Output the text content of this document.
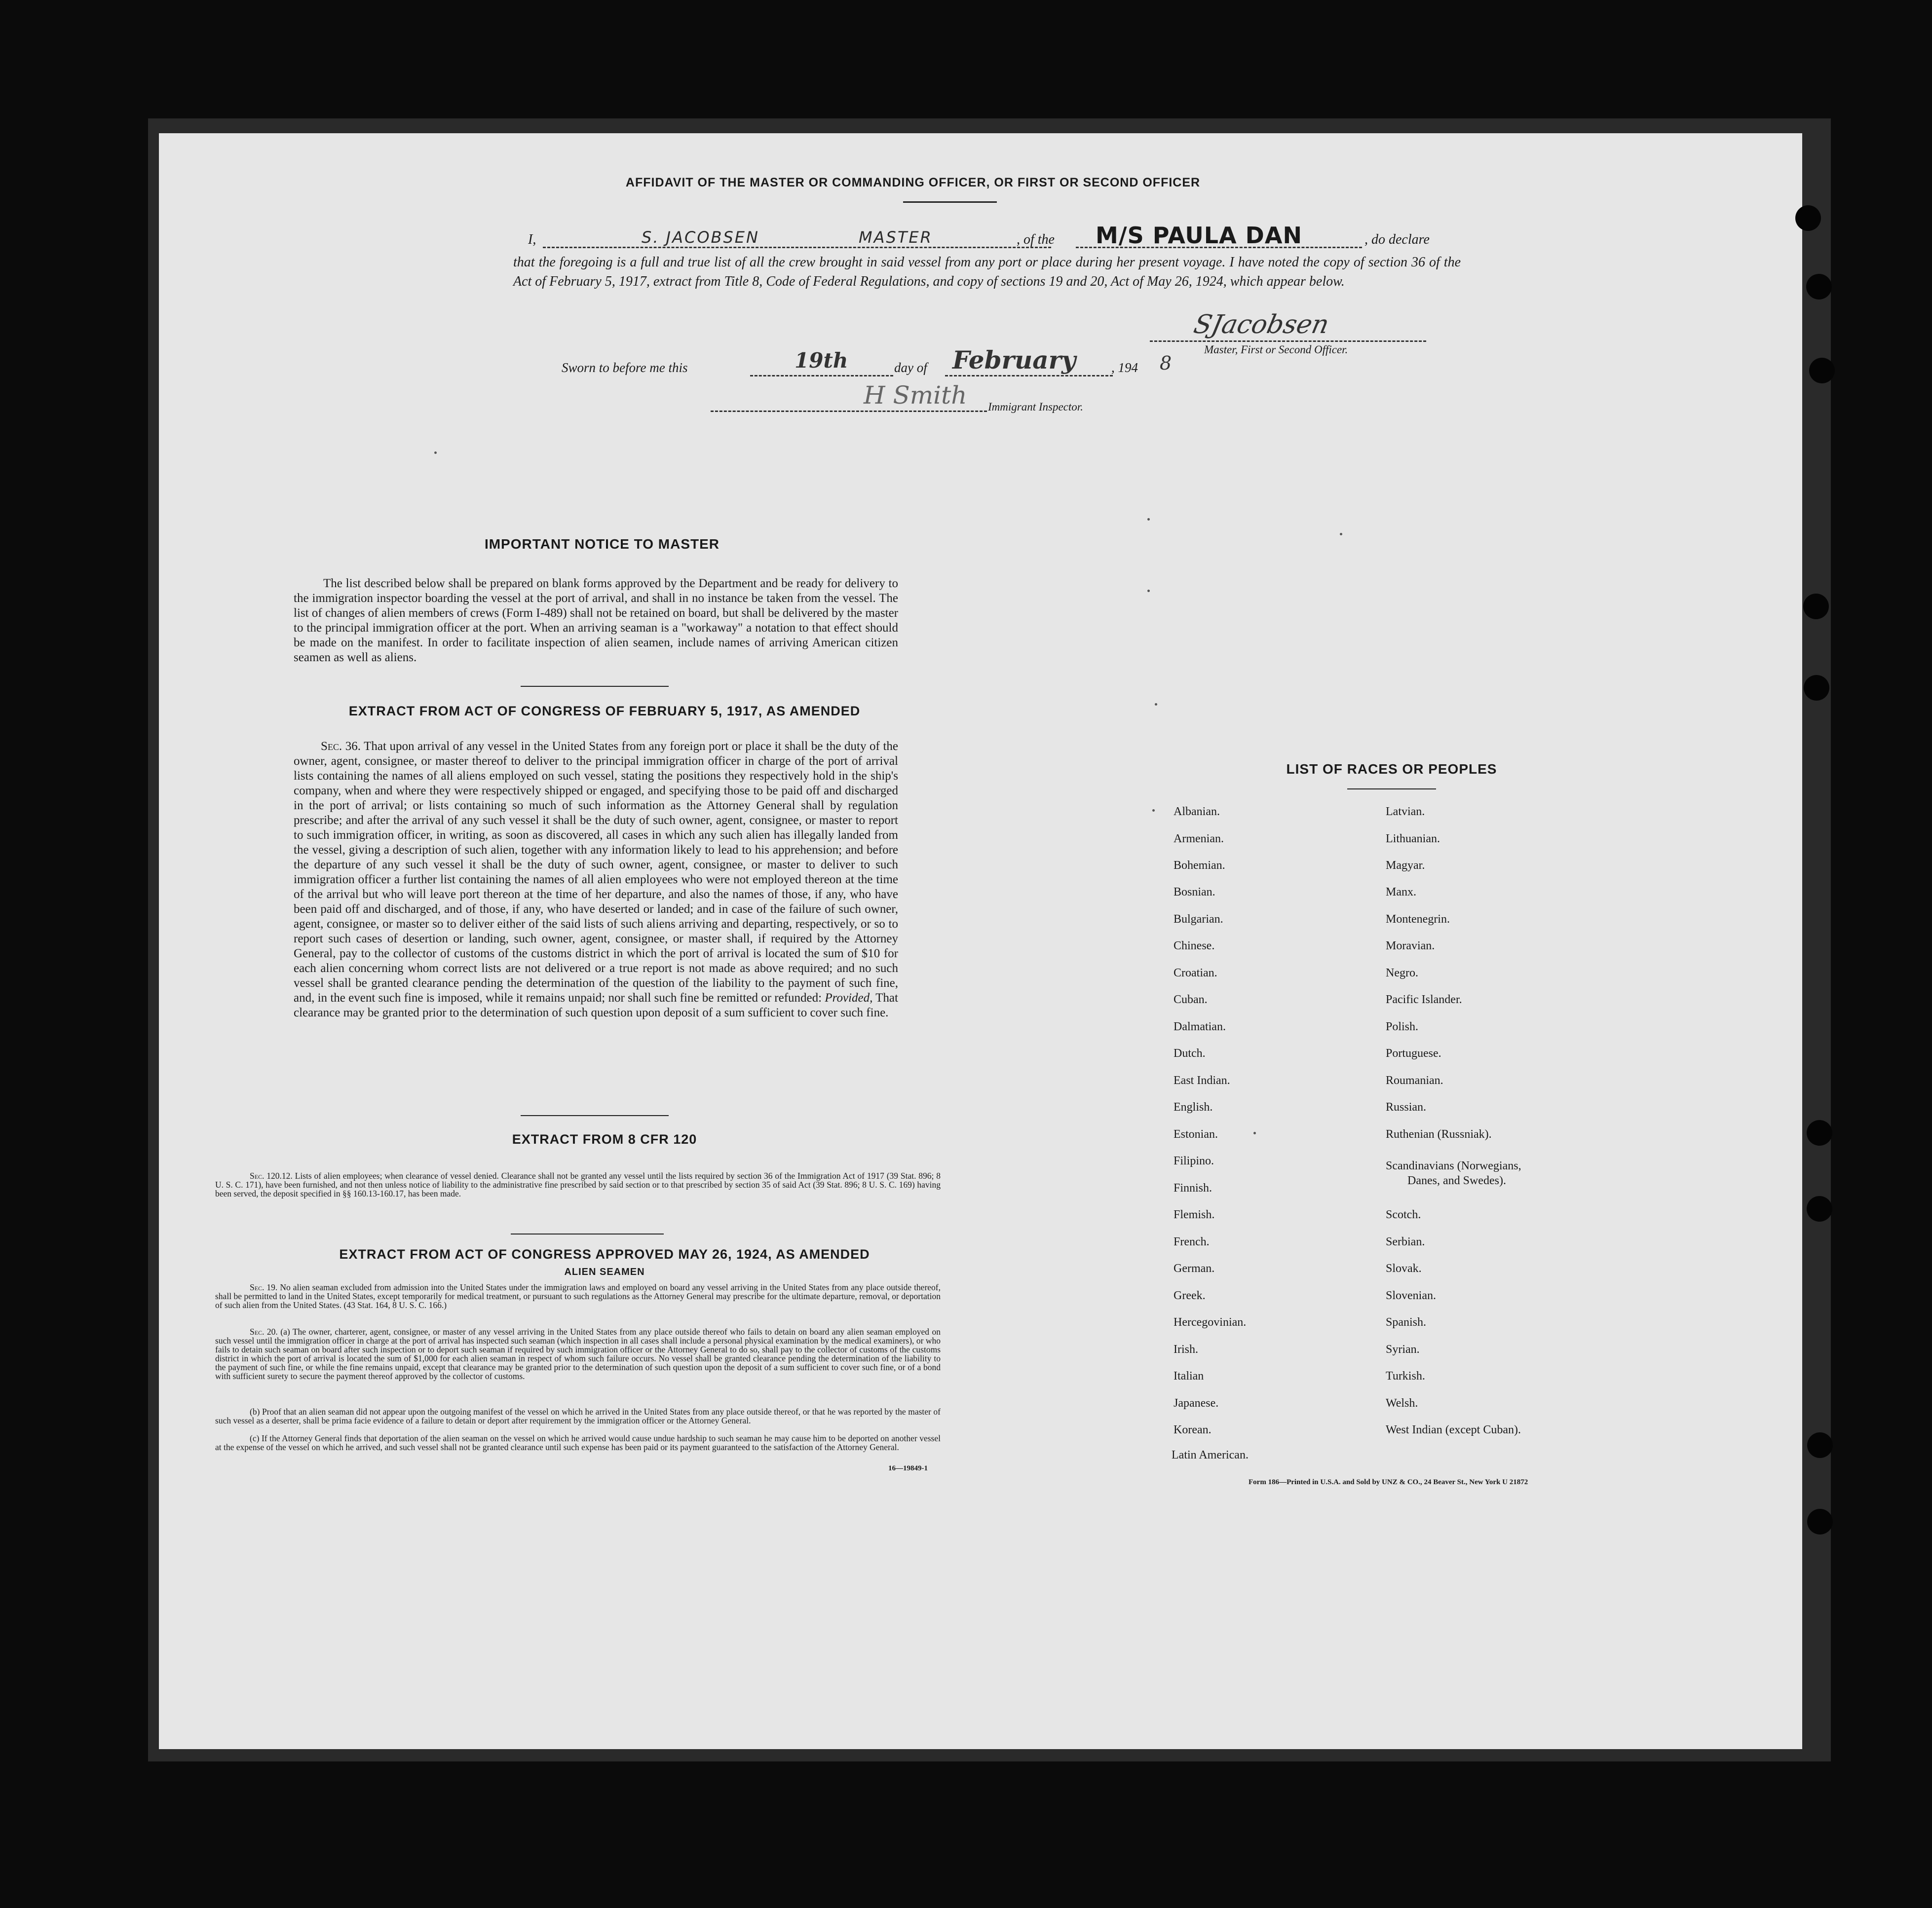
AFFIDAVIT OF THE MASTER OR COMMANDING OFFICER, OR FIRST OR SECOND OFFICER
I,	S. JACOBSEN	MASTER	, of the M/S PAULA DAN	, do declare
that the foregoing is a full and true list of all the crew brought in said vessel from any port or place during her present voyage. I have noted the copy of section 36 of the Act of February 5, 1917, extract from Title 8, Code of Federal Regulations, and copy of sections 19 and 20, Act of May 26, 1924, which appear below.
SJacobsen
Master, First or Second Officer.
Sworn to before me this	19th	day of February	, 194 8
H Smith Immigrant Inspector.
IMPORTANT NOTICE TO MASTER
The list described below shall be prepared on blank forms approved by the Department and be ready for delivery to the immigration inspector boarding the vessel at the port of arrival, and shall in no instance be taken from the vessel. The list of changes of alien members of crews (Form I-489) shall not be retained on board, but shall be delivered by the master to the principal immigration officer at the port. When an arriving seaman is a "workaway" a notation to that effect should be made on the manifest. In order to facilitate inspection of alien seamen, include names of arriving American citizen seamen as well as aliens.
EXTRACT FROM ACT OF CONGRESS OF FEBRUARY 5, 1917, AS AMENDED
Sec. 36. That upon arrival of any vessel in the United States from any foreign port or place it shall be the duty of the owner, agent, consignee, or master thereof to deliver to the principal immigration officer in charge of the port of arrival lists containing the names of all aliens employed on such vessel, stating the positions they respectively hold in the ship's company, when and where they were respectively shipped or engaged, and specifying those to be paid off and discharged in the port of arrival; or lists containing so much of such information as the Attorney General shall by regulation prescribe; and after the arrival of any such vessel it shall be the duty of such owner, agent, consignee, or master to report to such immigration officer, in writing, as soon as discovered, all cases in which any such alien has illegally landed from the vessel, giving a description of such alien, together with any information likely to lead to his apprehension; and before the departure of any such vessel it shall be the duty of such owner, agent, consignee, or master to deliver to such immigration officer a further list containing the names of all alien employees who were not employed thereon at the time of the arrival but who will leave port thereon at the time of her departure, and also the names of those, if any, who have been paid off and discharged, and of those, if any, who have deserted or landed; and in case of the failure of such owner, agent, consignee, or master so to deliver either of the said lists of such aliens arriving and departing, respectively, or so to report such cases of desertion or landing, such owner, agent, consignee, or master shall, if required by the Attorney General, pay to the collector of customs of the customs district in which the port of arrival is located the sum of $10 for each alien concerning whom correct lists are not delivered or a true report is not made as above required; and no such vessel shall be granted clearance pending the determination of the question of the liability to the payment of such fine, and, in the event such fine is imposed, while it remains unpaid; nor shall such fine be remitted or refunded: Provided, That clearance may be granted prior to the determination of such question upon deposit of a sum sufficient to cover such fine.
EXTRACT FROM 8 CFR 120
Sec. 120.12. Lists of alien employees; when clearance of vessel denied. Clearance shall not be granted any vessel until the lists required by section 36 of the Immigration Act of 1917 (39 Stat. 896; 8 U. S. C. 171), have been furnished, and not then unless notice of liability to the administrative fine prescribed by said section or to that prescribed by section 35 of said Act (39 Stat. 896; 8 U. S. C. 169) having been served, the deposit specified in §§ 160.13-160.17, has been made.
EXTRACT FROM ACT OF CONGRESS APPROVED MAY 26, 1924, AS AMENDED
ALIEN SEAMEN
Sec. 19. No alien seaman excluded from admission into the United States under the immigration laws and employed on board any vessel arriving in the United States from any place outside thereof, shall be permitted to land in the United States, except temporarily for medical treatment, or pursuant to such regulations as the Attorney General may prescribe for the ultimate departure, removal, or deportation of such alien from the United States. (43 Stat. 164, 8 U. S. C. 166.)
Sec. 20. (a) The owner, charterer, agent, consignee, or master of any vessel arriving in the United States from any place outside thereof who fails to detain on board any alien seaman employed on such vessel until the immigration officer in charge at the port of arrival has inspected such seaman (which inspection in all cases shall include a personal physical examination by the medical examiners), or who fails to detain such seaman on board after such inspection or to deport such seaman if required by such immigration officer or the Attorney General to do so, shall pay to the collector of customs of the customs district in which the port of arrival is located the sum of $1,000 for each alien seaman in respect of whom such failure occurs. No vessel shall be granted clearance pending the determination of the liability to the payment of such fine, or while the fine remains unpaid, except that clearance may be granted prior to the determination of such question upon the deposit of a sum sufficient to cover such fine, or of a bond with sufficient surety to secure the payment thereof approved by the collector of customs.
(b) Proof that an alien seaman did not appear upon the outgoing manifest of the vessel on which he arrived in the United States from any place outside thereof, or that he was reported by the master of such vessel as a deserter, shall be prima facie evidence of a failure to detain or deport after requirement by the immigration officer or the Attorney General.
(c) If the Attorney General finds that deportation of the alien seaman on the vessel on which he arrived would cause undue hardship to such seaman he may cause him to be deported on another vessel at the expense of the vessel on which he arrived, and such vessel shall not be granted clearance until such expense has been paid or its payment guaranteed to the satisfaction of the Attorney General.
16—19849-1
LIST OF RACES OR PEOPLES
Albanian.
Armenian.
Bohemian.
Bosnian.
Bulgarian.
Chinese.
Croatian.
Cuban.
Dalmatian.
Dutch.
East Indian.
English.
Estonian.
Filipino.
Finnish.
Flemish.
French.
German.
Greek.
Hercegovinian.
Irish.
Italian
Japanese.
Korean.
Latin American.
Latvian.
Lithuanian.
Magyar.
Manx.
Montenegrin.
Moravian.
Negro.
Pacific Islander.
Polish.
Portuguese.
Roumanian.
Russian.
Ruthenian (Russniak).
Scandinavians (Norwegians,
Danes, and Swedes).
Scotch.
Serbian.
Slovak.
Slovenian.
Spanish.
Syrian.
Turkish.
Welsh.
West Indian (except Cuban).
Form 186—Printed in U.S.A. and Sold by UNZ & CO., 24 Beaver St., New York U 21872
